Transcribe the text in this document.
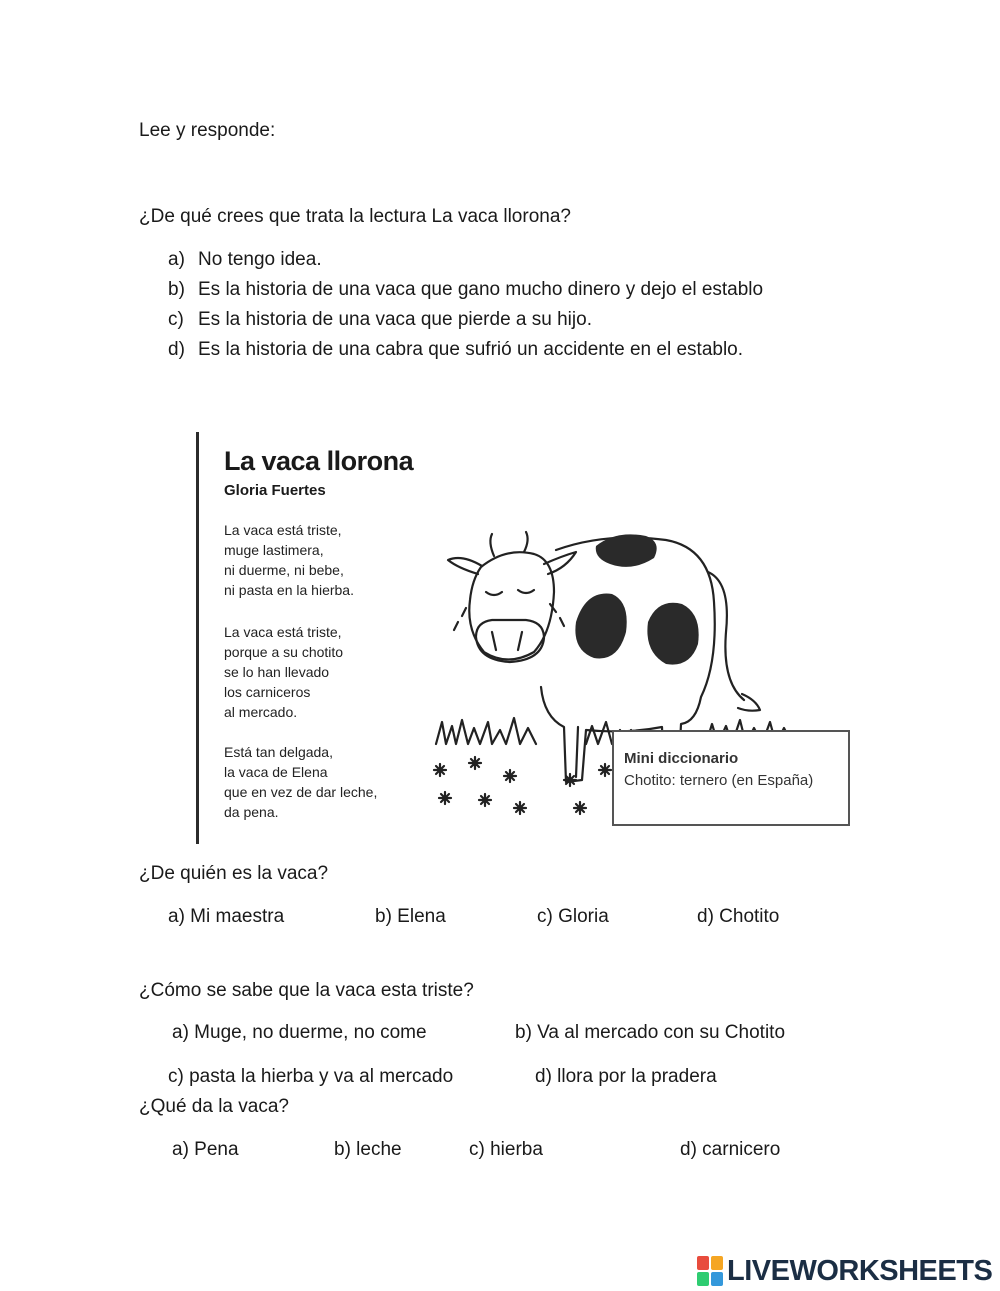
Lee y responde:
¿De qué crees que trata la lectura La vaca llorona?
a) No tengo idea.
b) Es la historia de una vaca que gano mucho dinero y dejo el establo
c) Es la historia de una vaca que pierde a su hijo.
d) Es la historia de una cabra que sufrió un accidente en el establo.
La vaca llorona
Gloria Fuertes
La vaca está triste,
muge lastimera,
ni duerme, ni bebe,
ni pasta en la hierba.
La vaca está triste,
porque a su chotito
se lo han llevado
los carniceros
al mercado.
Está tan delgada,
la vaca de Elena
que en vez de dar leche,
da pena.
Mini diccionario
Chotito: ternero (en España)
¿De quién es la vaca?
a) Mi maestra	b) Elena	c) Gloria	d) Chotito
¿Cómo se sabe que la vaca esta triste?
a) Muge, no duerme, no come	b) Va al mercado con su Chotito
c) pasta la hierba y va al mercado	d) llora por la pradera
¿Qué da la vaca?
a) Pena	b) leche	c) hierba	d) carnicero
LIVEWORKSHEETS
